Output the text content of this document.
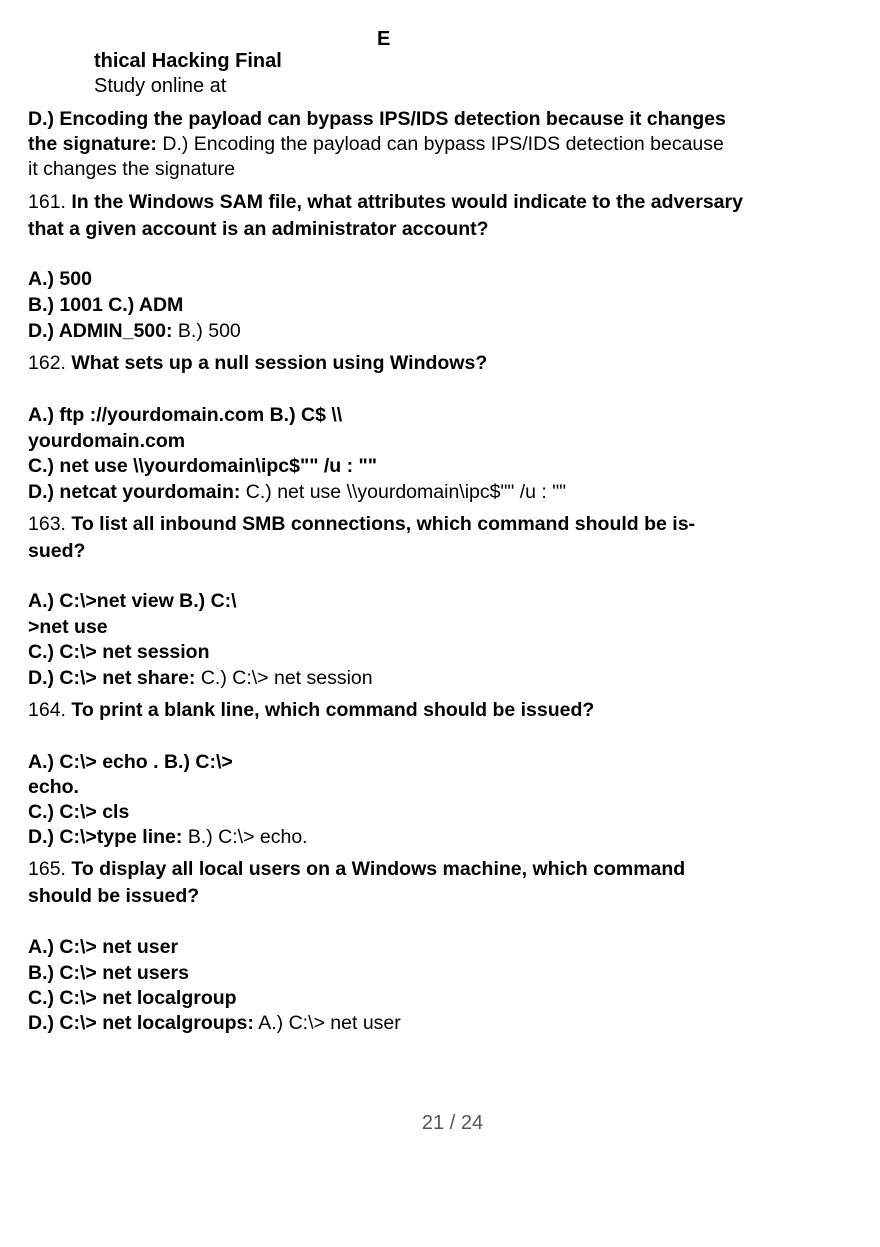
E
thical Hacking Final
Study online at
D.) Encoding the payload can bypass IPS/IDS detection because it changes
the signature: D.) Encoding the payload can bypass IPS/IDS detection because
it changes the signature
161. In the Windows SAM file, what attributes would indicate to the adversary
that a given account is an administrator account?
A.) 500
B.) 1001 C.) ADM
D.) ADMIN_500: B.) 500
162. What sets up a null session using Windows?
A.) ftp ://yourdomain.com B.) C$ \\
yourdomain.com
C.) net use \\yourdomain\ipc$"" /u : ""
D.) netcat yourdomain: C.) net use \\yourdomain\ipc$"" /u : ""
163. To list all inbound SMB connections, which command should be is-
sued?
A.) C:\>net view B.) C:\
>net use
C.) C:\> net session
D.) C:\> net share: C.) C:\> net session
164. To print a blank line, which command should be issued?
A.) C:\> echo . B.) C:\>
echo.
C.) C:\> cls
D.) C:\>type line: B.) C:\> echo.
165. To display all local users on a Windows machine, which command
should be issued?
A.) C:\> net user
B.) C:\> net users
C.) C:\> net localgroup
D.) C:\> net localgroups: A.) C:\> net user
21 / 24
